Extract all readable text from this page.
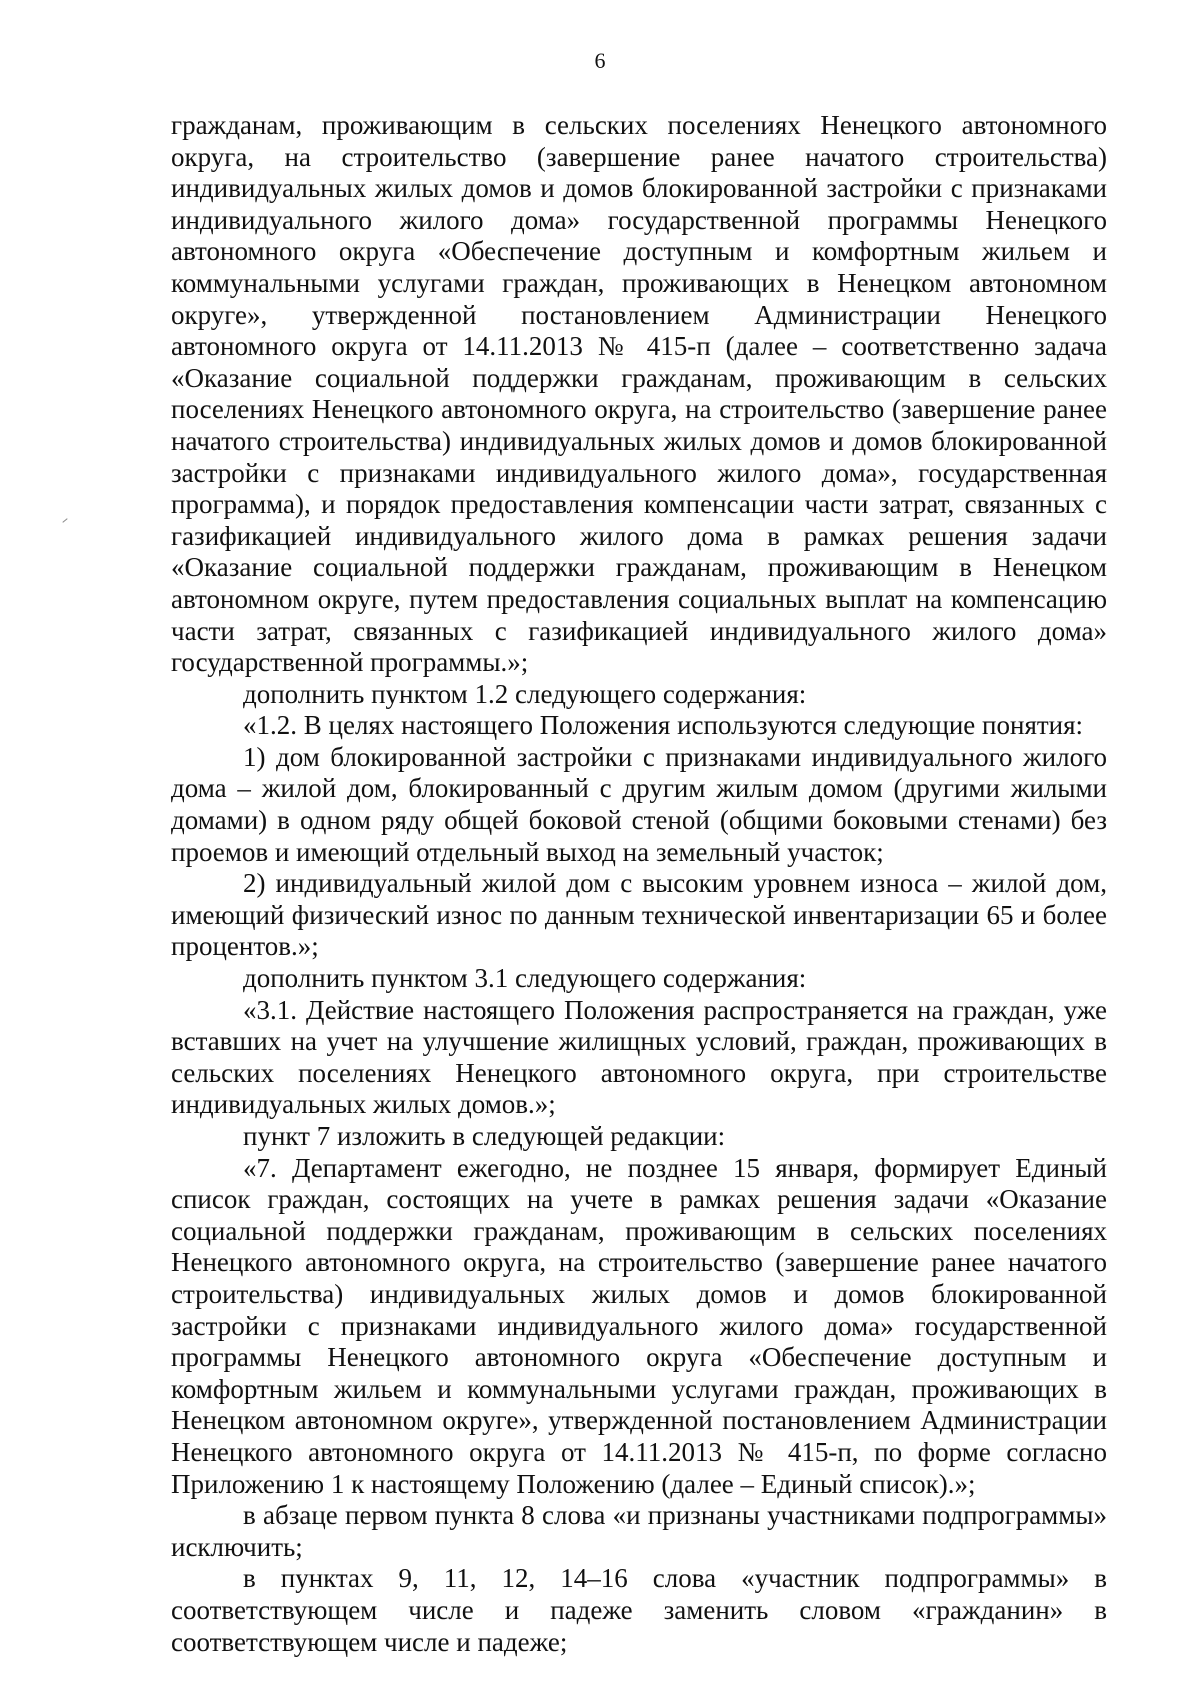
6

гражданам, проживающим в сельских поселениях Ненецкого автономного округа, на строительство (завершение ранее начатого строительства) индивидуальных жилых домов и домов блокированной застройки с признаками индивидуального жилого дома» государственной программы Ненецкого автономного округа «Обеспечение доступным и комфортным жильем и коммунальными услугами граждан, проживающих в Ненецком автономном округе», утвержденной постановлением Администрации Ненецкого автономного округа от 14.11.2013 № 415-п (далее – соответственно задача «Оказание социальной поддержки гражданам, проживающим в сельских поселениях Ненецкого автономного округа, на строительство (завершение ранее начатого строительства) индивидуальных жилых домов и домов блокированной застройки с признаками индивидуального жилого дома», государственная программа), и порядок предоставления компенсации части затрат, связанных с газификацией индивидуального жилого дома в рамках решения задачи «Оказание социальной поддержки гражданам, проживающим в Ненецком автономном округе, путем предоставления социальных выплат на компенсацию части затрат, связанных с газификацией индивидуального жилого дома» государственной программы.»;

дополнить пунктом 1.2 следующего содержания:

«1.2. В целях настоящего Положения используются следующие понятия:

1) дом блокированной застройки с признаками индивидуального жилого дома – жилой дом, блокированный с другим жилым домом (другими жилыми домами) в одном ряду общей боковой стеной (общими боковыми стенами) без проемов и имеющий отдельный выход на земельный участок;

2) индивидуальный жилой дом с высоким уровнем износа – жилой дом, имеющий физический износ по данным технической инвентаризации 65 и более процентов.»;

дополнить пунктом 3.1 следующего содержания:

«3.1. Действие настоящего Положения распространяется на граждан, уже вставших на учет на улучшение жилищных условий, граждан, проживающих в сельских поселениях Ненецкого автономного округа, при строительстве индивидуальных жилых домов.»;

пункт 7 изложить в следующей редакции:

«7. Департамент ежегодно, не позднее 15 января, формирует Единый список граждан, состоящих на учете в рамках решения задачи «Оказание социальной поддержки гражданам, проживающим в сельских поселениях Ненецкого автономного округа, на строительство (завершение ранее начатого строительства) индивидуальных жилых домов и домов блокированной застройки с признаками индивидуального жилого дома» государственной программы Ненецкого автономного округа «Обеспечение доступным и комфортным жильем и коммунальными услугами граждан, проживающих в Ненецком автономном округе», утвержденной постановлением Администрации Ненецкого автономного округа от 14.11.2013 № 415-п, по форме согласно Приложению 1 к настоящему Положению (далее – Единый список).»;

в абзаце первом пункта 8 слова «и признаны участниками подпрограммы» исключить;

в пунктах 9, 11, 12, 14–16 слова «участник подпрограммы» в соответствующем числе и падеже заменить словом «гражданин» в соответствующем числе и падеже;
